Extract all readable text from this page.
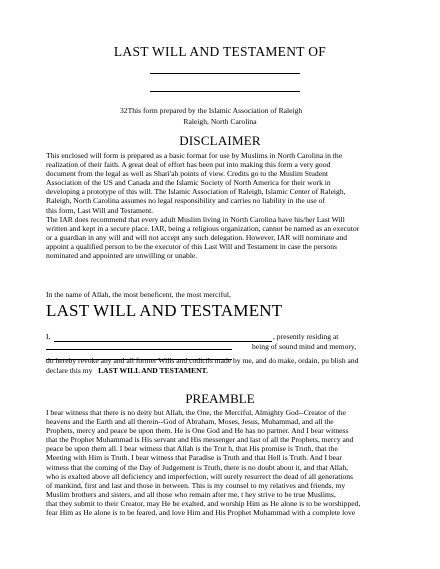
LAST WILL AND TESTAMENT OF
32This form prepared by the Islamic Association of Raleigh
Raleigh, North Carolina
DISCLAIMER
This enclosed will form is prepared as a basic format for use by Muslims in North Carolina in the
realization of their faith. A great deal of effort has been put into making this form a very good
document from the legal as well as Shari'ah points of view. Credits go to the Muslim Student
Association of the US and Canada and the Islamic Society of North America for their work in
developing a prototype of this will. The Islamic Association of Raleigh, Islamic Center of Raleigh,
Raleigh, North Carolina assumes no legal responsibility and carries no liability in the use of
this form, Last Will and Testament.
The IAR does recommend that every adult Muslim living in North Carolina have his/her Last Will
written and kept in a secure place. IAR, being a religious organization, cannot be named as an executor
or a guardian in any will and will not accept any such delegation. However, IAR will nominate and
appoint a qualified person to be the executor of this Last Will and Testament in case the persons
nominated and appointed are unwilling or unable.
In the name of Allah, the most beneficent, the most merciful,
LAST WILL AND TESTAMENT
I,	, presently residing at
being of sound mind and memory,
do hereby revoke any and all former Wills and codicils made by me, and do make, ordain, pu blish and
declare this my LAST WILL AND TESTAMENT.
PREAMBLE
I bear witness that there is no deity but Allah, the One, the Merciful, Almighty God--Creator of the
heavens and the Earth and all therein--God of Abraham, Moses, Jesus, Muhammad, and all the
Prophets, mercy and peace be upon them. He is One God and He has no partner. And I bear witness
that the Prophet Muhammad is His servant and His messenger and last of all the Prophets, mercy and
peace be upon them all. I bear witness that Allah is the Trut h, that His promise is Truth, that the
Meeting with Him is Truth. I bear witness that Paradise is Truth and that Hell is Truth. And I bear
witness that the coming of the Day of Judgement is Truth, there is no doubt about it, and that Allah,
who is exalted above all deficiency and imperfection, will surely resurrect the dead of all generations
of mankind, first and last and those in between. This is my counsel to my relatives and friends, my
Muslim brothers and sisters, and all those who remain after me, t hey strive to be true Muslims,
that they submit to their Creator, may He be exalted, and worship Him as He alone is to be worshipped,
fear Him as He alone is to be feared, and love Him and His Prophet Muhammad with a complete love
